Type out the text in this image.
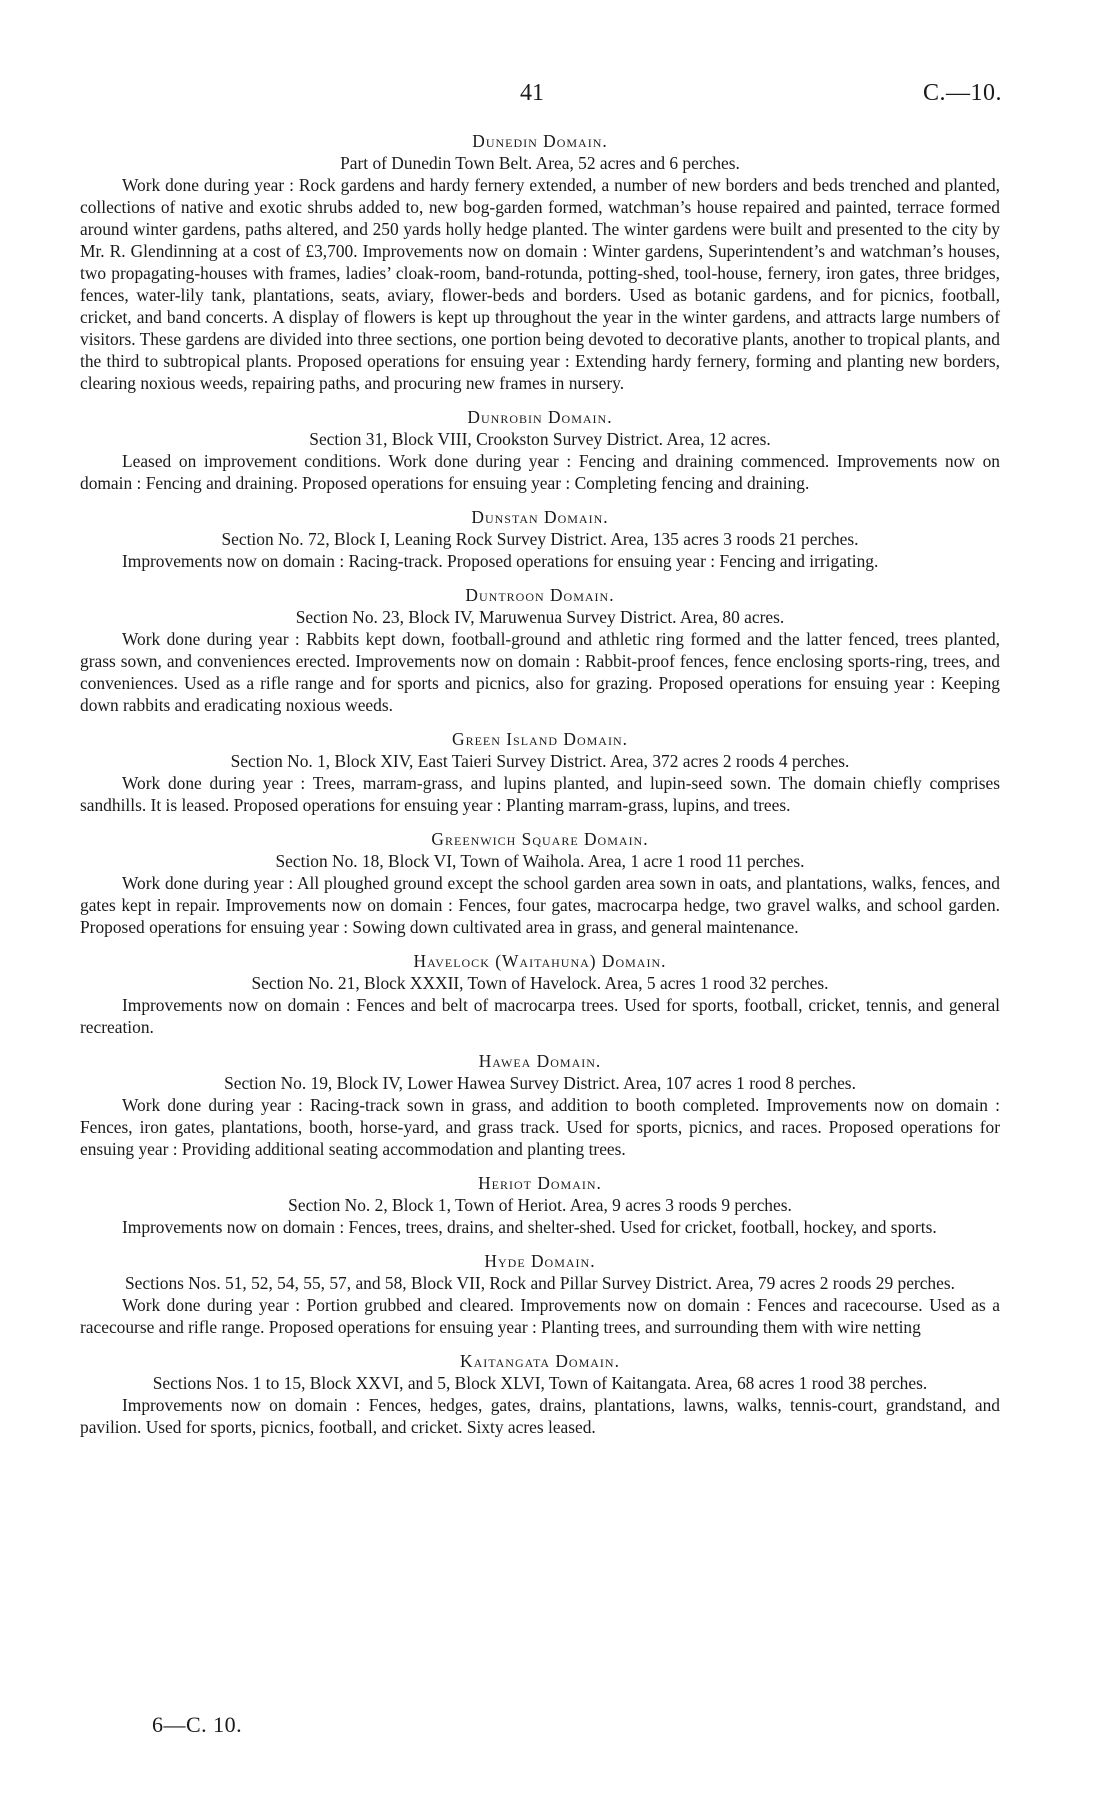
41	C.—10.
Dunedin Domain.

Part of Dunedin Town Belt. Area, 52 acres and 6 perches.

Work done during year : Rock gardens and hardy fernery extended, a number of new borders and beds trenched and planted, collections of native and exotic shrubs added to, new bog-garden formed, watchman’s house repaired and painted, terrace formed around winter gardens, paths altered, and 250 yards holly hedge planted. The winter gardens were built and presented to the city by Mr. R. Glendinning at a cost of £3,700. Improvements now on domain : Winter gardens, Superintendent’s and watchman’s houses, two propagating-houses with frames, ladies’ cloak-room, band-rotunda, potting-shed, tool-house, fernery, iron gates, three bridges, fences, water-lily tank, plantations, seats, aviary, flower-beds and borders. Used as botanic gardens, and for picnics, football, cricket, and band concerts. A display of flowers is kept up throughout the year in the winter gardens, and attracts large numbers of visitors. These gardens are divided into three sections, one portion being devoted to decorative plants, another to tropical plants, and the third to subtropical plants. Proposed operations for ensuing year : Extending hardy fernery, forming and planting new borders, clearing noxious weeds, repairing paths, and procuring new frames in nursery.

Dunrobin Domain.

Section 31, Block VIII, Crookston Survey District. Area, 12 acres.

Leased on improvement conditions. Work done during year : Fencing and draining commenced. Improvements now on domain : Fencing and draining. Proposed operations for ensuing year : Completing fencing and draining.

Dunstan Domain.

Section No. 72, Block I, Leaning Rock Survey District. Area, 135 acres 3 roods 21 perches.

Improvements now on domain : Racing-track. Proposed operations for ensuing year : Fencing and irrigating.

Duntroon Domain.

Section No. 23, Block IV, Maruwenua Survey District. Area, 80 acres.

Work done during year : Rabbits kept down, football-ground and athletic ring formed and the latter fenced, trees planted, grass sown, and conveniences erected. Improvements now on domain : Rabbit-proof fences, fence enclosing sports-ring, trees, and conveniences. Used as a rifle range and for sports and picnics, also for grazing. Proposed operations for ensuing year : Keeping down rabbits and eradicating noxious weeds.

Green Island Domain.

Section No. 1, Block XIV, East Taieri Survey District. Area, 372 acres 2 roods 4 perches.

Work done during year : Trees, marram-grass, and lupins planted, and lupin-seed sown. The domain chiefly comprises sandhills. It is leased. Proposed operations for ensuing year : Planting marram-grass, lupins, and trees.

Greenwich Square Domain.

Section No. 18, Block VI, Town of Waihola. Area, 1 acre 1 rood 11 perches.

Work done during year : All ploughed ground except the school garden area sown in oats, and plantations, walks, fences, and gates kept in repair. Improvements now on domain : Fences, four gates, macrocarpa hedge, two gravel walks, and school garden. Proposed operations for ensuing year : Sowing down cultivated area in grass, and general maintenance.

Havelock (Waitahuna) Domain.

Section No. 21, Block XXXII, Town of Havelock. Area, 5 acres 1 rood 32 perches.

Improvements now on domain : Fences and belt of macrocarpa trees. Used for sports, football, cricket, tennis, and general recreation.

Hawea Domain.

Section No. 19, Block IV, Lower Hawea Survey District. Area, 107 acres 1 rood 8 perches.

Work done during year : Racing-track sown in grass, and addition to booth completed. Improvements now on domain : Fences, iron gates, plantations, booth, horse-yard, and grass track. Used for sports, picnics, and races. Proposed operations for ensuing year : Providing additional seating accommodation and planting trees.

Heriot Domain.

Section No. 2, Block 1, Town of Heriot. Area, 9 acres 3 roods 9 perches.

Improvements now on domain : Fences, trees, drains, and shelter-shed. Used for cricket, football, hockey, and sports.

Hyde Domain.

Sections Nos. 51, 52, 54, 55, 57, and 58, Block VII, Rock and Pillar Survey District. Area, 79 acres 2 roods 29 perches.

Work done during year : Portion grubbed and cleared. Improvements now on domain : Fences and racecourse. Used as a racecourse and rifle range. Proposed operations for ensuing year : Planting trees, and surrounding them with wire netting

Kaitangata Domain.

Sections Nos. 1 to 15, Block XXVI, and 5, Block XLVI, Town of Kaitangata. Area, 68 acres 1 rood 38 perches.

Improvements now on domain : Fences, hedges, gates, drains, plantations, lawns, walks, tennis-court, grandstand, and pavilion. Used for sports, picnics, football, and cricket. Sixty acres leased.

6—C. 10.
